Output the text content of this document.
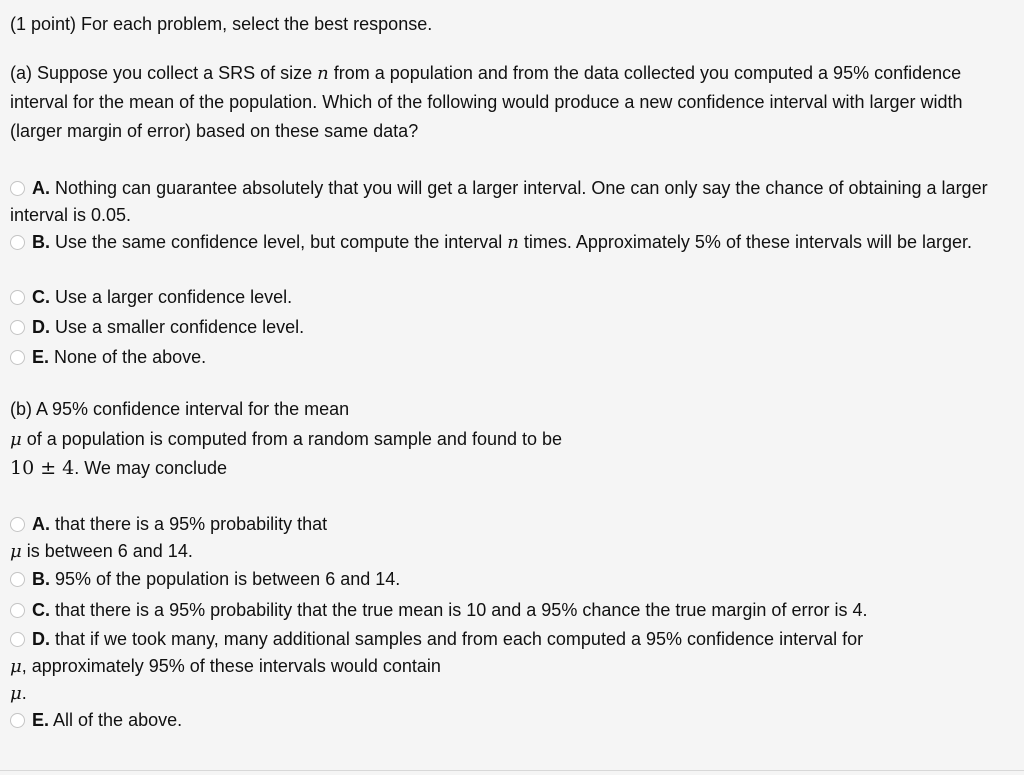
(1 point) For each problem, select the best response.
(a) Suppose you collect a SRS of size n from a population and from the data collected you computed a 95% confidence interval for the mean of the population. Which of the following would produce a new confidence interval with larger width (larger margin of error) based on these same data?
A. Nothing can guarantee absolutely that you will get a larger interval. One can only say the chance of obtaining a larger interval is 0.05.
B. Use the same confidence level, but compute the interval n times. Approximately 5% of these intervals will be larger.
C. Use a larger confidence level.
D. Use a smaller confidence level.
E. None of the above.
(b) A 95% confidence interval for the mean
μ of a population is computed from a random sample and found to be
10 ± 4. We may conclude
A. that there is a 95% probability that
μ is between 6 and 14.
B. 95% of the population is between 6 and 14.
C. that there is a 95% probability that the true mean is 10 and a 95% chance the true margin of error is 4.
D. that if we took many, many additional samples and from each computed a 95% confidence interval for
μ, approximately 95% of these intervals would contain
μ.
E. All of the above.
